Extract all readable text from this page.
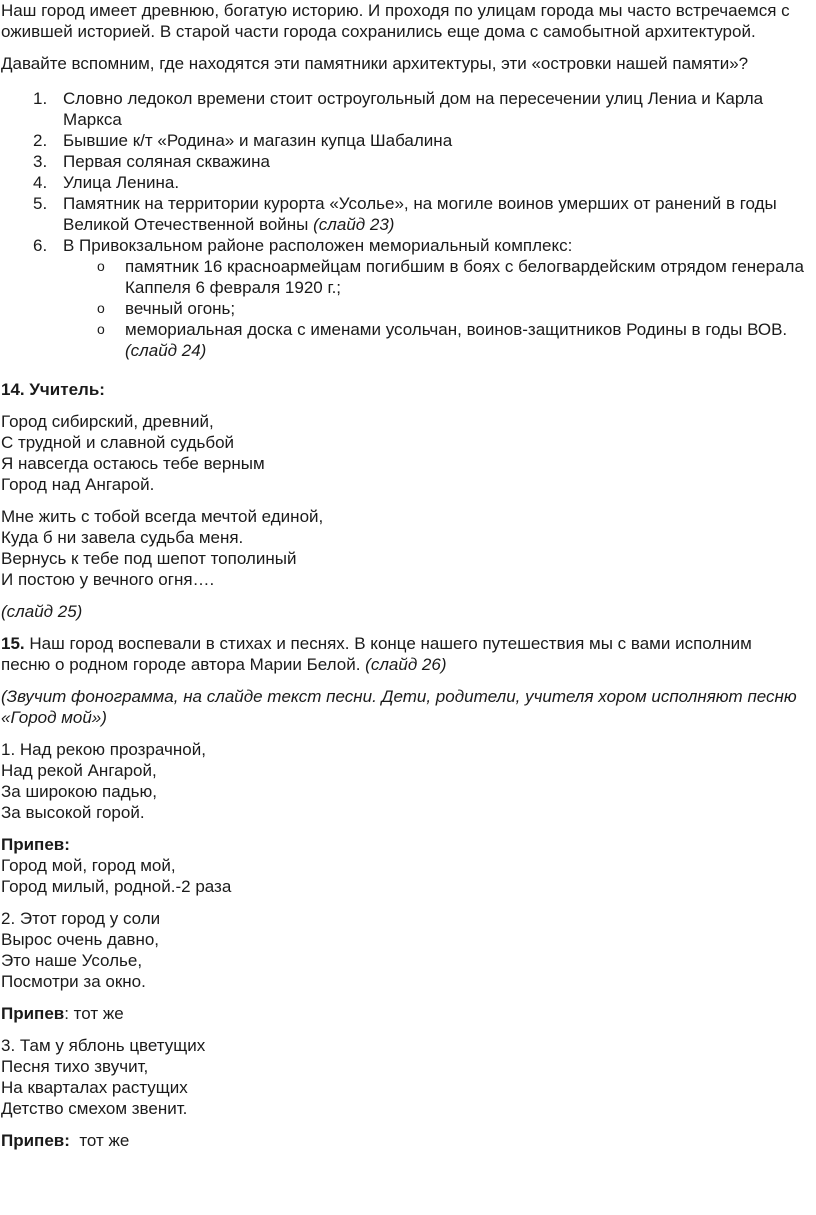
Наш город имеет древнюю, богатую историю. И проходя по улицам города мы часто встречаемся с ожившей историей. В старой части города сохранились еще дома с самобытной архитектурой.

Давайте вспомним, где находятся эти памятники архитектуры, эти «островки нашей памяти»?

1. Словно ледокол времени стоит остроугольный дом на пересечении улиц Лениа и Карла Маркса
2. Бывшие к/т «Родина» и магазин купца Шабалина
3. Первая соляная скважина
4. Улица Ленина.
5. Памятник на территории курорта «Усолье», на могиле воинов умерших от ранений в годы Великой Отечественной войны (слайд 23)
6. В Привокзальном районе расположен мемориальный комплекс:
o памятник 16 красноармейцам погибшим в боях с белогвардейским отрядом генерала Каппеля 6 февраля 1920 г.;
o вечный огонь;
o мемориальная доска с именами усольчан, воинов-защитников Родины в годы ВОВ. (слайд 24)

14. Учитель:

Город сибирский, древний,
С трудной и славной судьбой
Я навсегда остаюсь тебе верным
Город над Ангарой.
Мне жить с тобой всегда мечтой единой,
Куда б ни завела судьба меня.
Вернусь к тебе под шепот тополиный
И постою у вечного огня….

(слайд 25)

15. Наш город воспевали в стихах и песнях. В конце нашего путешествия мы с вами исполним песню о родном городе автора Марии Белой. (слайд 26)

(Звучит фонограмма, на слайде текст песни. Дети, родители, учителя хором исполняют песню «Город мой»)

1. Над рекою прозрачной,
Над рекой Ангарой,
За широкою падью,
За высокой горой.
Припев:
Город мой, город мой,
Город милый, родной.-2 раза
2. Этот город у соли
Вырос очень давно,
Это наше Усолье,
Посмотри за окно.

Припев: тот же

3. Там у яблонь цветущих
Песня тихо звучит,
На кварталах растущих
Детство смехом звенит.

Припев:  тот же
